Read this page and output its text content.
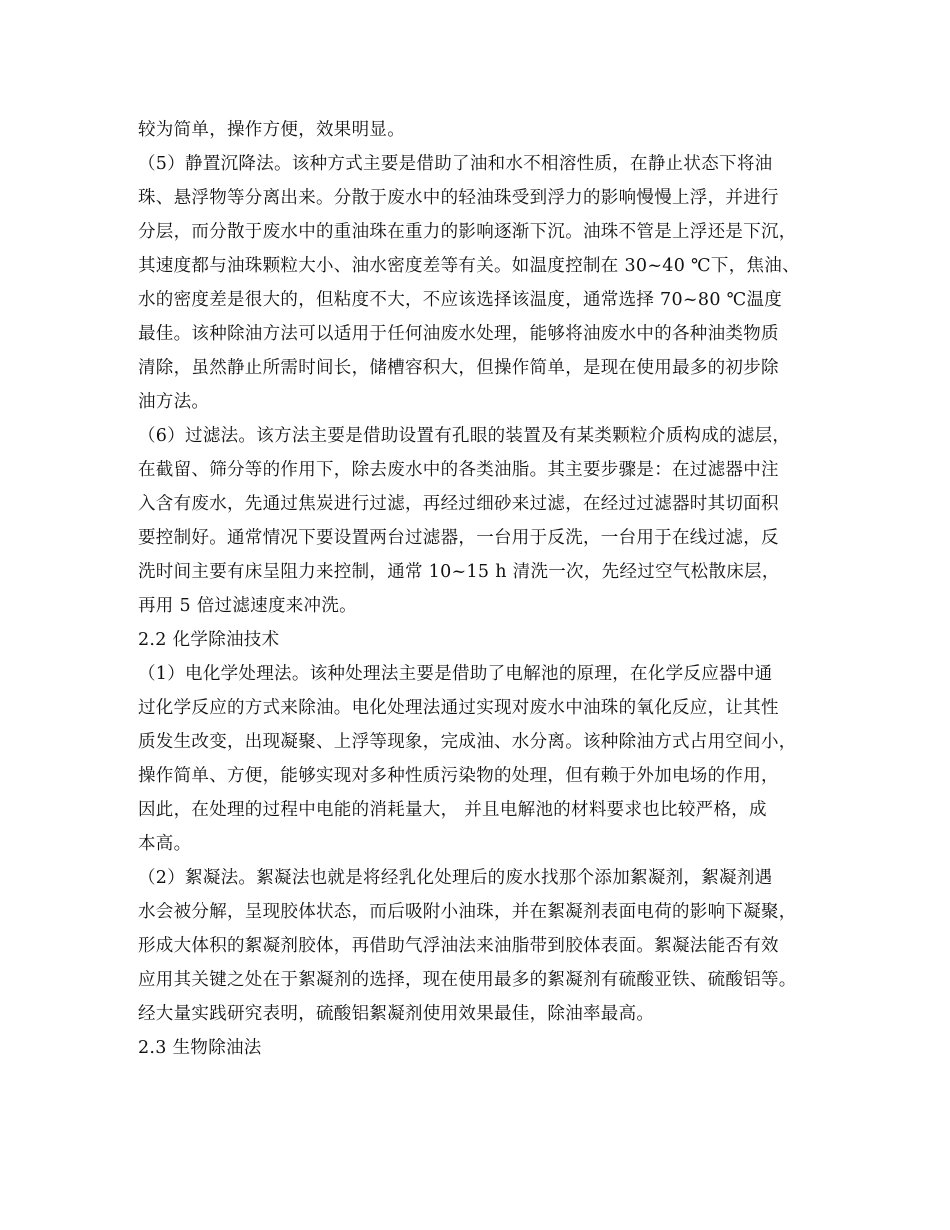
较为简单，操作方便，效果明显。
（5）静置沉降法。该种方式主要是借助了油和水不相溶性质，在静止状态下将油
珠、悬浮物等分离出来。分散于废水中的轻油珠受到浮力的影响慢慢上浮，并进行
分层，而分散于废水中的重油珠在重力的影响逐渐下沉。油珠不管是上浮还是下沉，
其速度都与油珠颗粒大小、油水密度差等有关。如温度控制在 30~40 ℃下，焦油、
水的密度差是很大的，但粘度不大，不应该选择该温度，通常选择 70~80 ℃温度
最佳。该种除油方法可以适用于任何油废水处理，能够将油废水中的各种油类物质
清除，虽然静止所需时间长，储槽容积大，但操作简单，是现在使用最多的初步除
油方法。
（6）过滤法。该方法主要是借助设置有孔眼的装置及有某类颗粒介质构成的滤层，
在截留、筛分等的作用下，除去废水中的各类油脂。其主要步骤是：在过滤器中注
入含有废水，先通过焦炭进行过滤，再经过细砂来过滤，在经过过滤器时其切面积
要控制好。通常情况下要设置两台过滤器，一台用于反洗，一台用于在线过滤，反
洗时间主要有床呈阻力来控制，通常 10~15 h 清洗一次，先经过空气松散床层，
再用 5 倍过滤速度来冲洗。
2.2 化学除油技术
（1）电化学处理法。该种处理法主要是借助了电解池的原理，在化学反应器中通
过化学反应的方式来除油。电化处理法通过实现对废水中油珠的氧化反应，让其性
质发生改变，出现凝聚、上浮等现象，完成油、水分离。该种除油方式占用空间小，
操作简单、方便，能够实现对多种性质污染物的处理，但有赖于外加电场的作用，
因此，在处理的过程中电能的消耗量大， 并且电解池的材料要求也比较严格，成
本高。
（2）絮凝法。絮凝法也就是将经乳化处理后的废水找那个添加絮凝剂，絮凝剂遇
水会被分解，呈现胶体状态，而后吸附小油珠，并在絮凝剂表面电荷的影响下凝聚，
形成大体积的絮凝剂胶体，再借助气浮油法来油脂带到胶体表面。絮凝法能否有效
应用其关键之处在于絮凝剂的选择，现在使用最多的絮凝剂有硫酸亚铁、硫酸铝等。
经大量实践研究表明，硫酸铝絮凝剂使用效果最佳，除油率最高。
2.3 生物除油法
